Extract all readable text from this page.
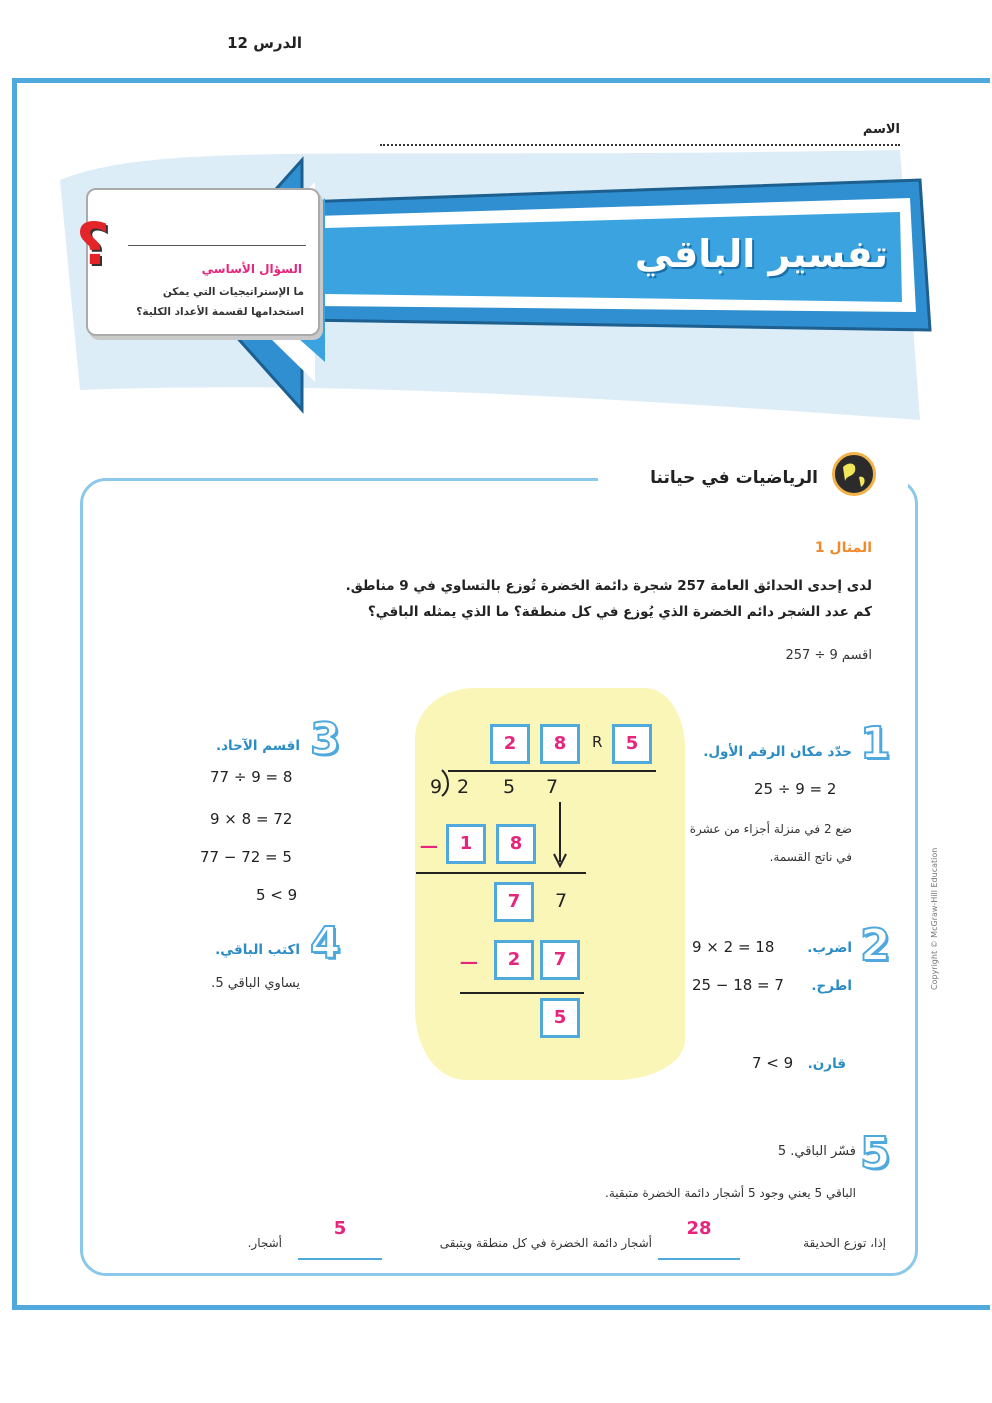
الاسم
تفسير الباقي
؟
الدرس 12
السؤال الأساسي
ما الإستراتيجيات التي يمكن استخدامها لقسمة الأعداد الكلية؟
الرياضيات في حياتنا
المثال 1
لدى إحدى الحدائق العامة 257 شجرة دائمة الخضرة تُوزع بالتساوي في 9 مناطق.
كم عدد الشجر دائم الخضرة الذي يُوزع في كل منطقة؟ ما الذي يمثله الباقي؟
اقسم 9 ÷ 257
2	8	R	5
9 2 5 7
−	1	8
7	7
−	2	7
5
1
حدّد مكان الرقم الأول.
25 ÷ 9 = 2
ضع 2 في منزلة أجزاء من عشرة
في ناتج القسمة.
2
اضرب.
9 × 2 = 18
اطرح.
25 − 18 = 7
قارن.
7 < 9
3
اقسم الآحاد.
77 ÷ 9 = 8
9 × 8 = 72
77 − 72 = 5
5 < 9
4
اكتب الباقي.
يساوي الباقي 5.
5
فسّر الباقي. 5
الباقي 5 يعني وجود 5 أشجار دائمة الخضرة متبقية.
إذا، توزع الحديقة
28
أشجار دائمة الخضرة في كل منطقة ويتبقى
5
أشجار.
Copyright © McGraw-Hill Education
